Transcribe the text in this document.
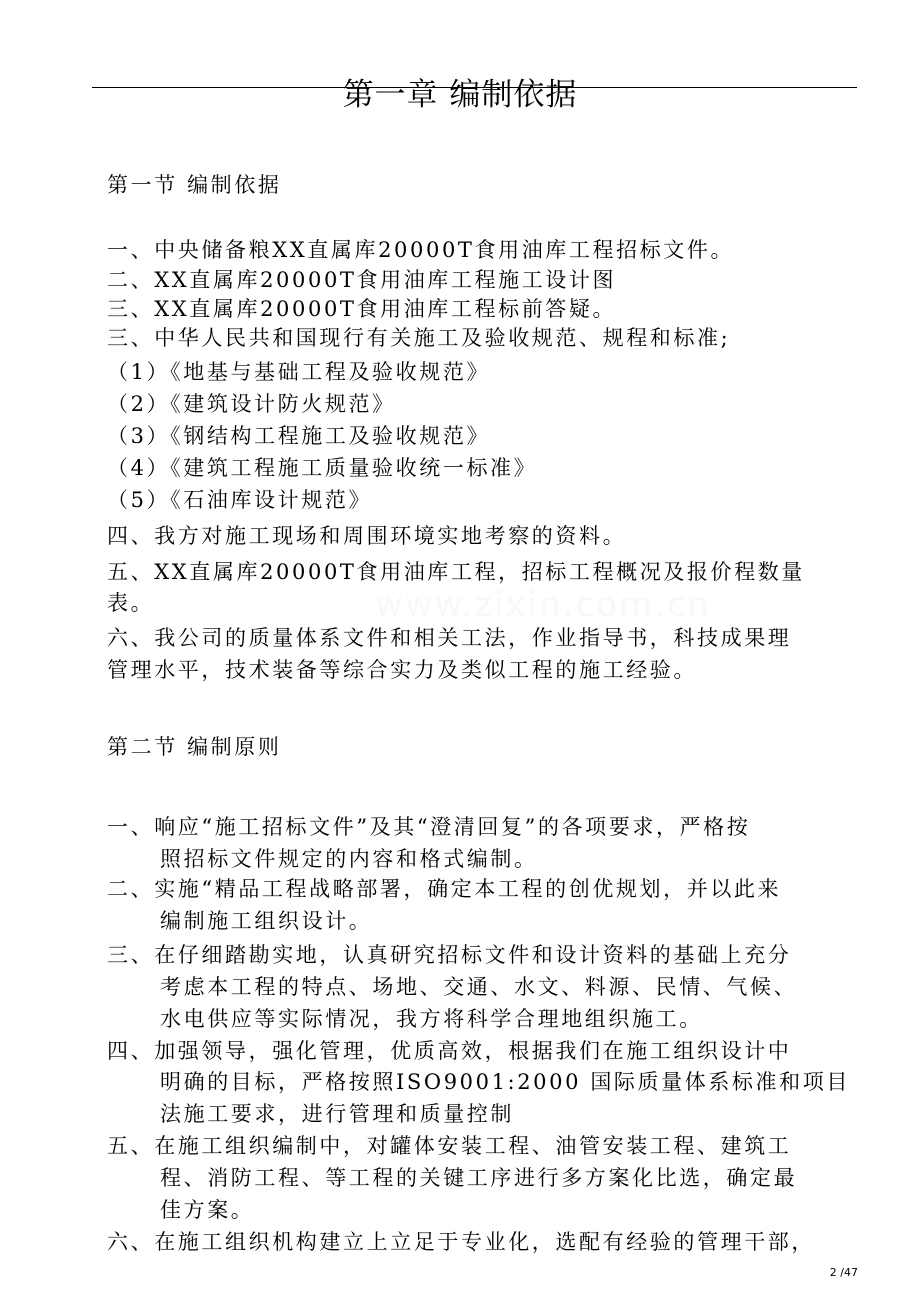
第一章 编制依据
www.zixin.com.cn
第一节 编制依据
一、中央储备粮XX直属库20000T食用油库工程招标文件。
二、XX直属库20000T食用油库工程施工设计图
三、XX直属库20000T食用油库工程标前答疑。
三、中华人民共和国现行有关施工及验收规范、规程和标准;
（1）《地基与基础工程及验收规范》
（2）《建筑设计防火规范》
（3）《钢结构工程施工及验收规范》
（4）《建筑工程施工质量验收统一标准》
（5）《石油库设计规范》
四、我方对施工现场和周围环境实地考察的资料。
五、XX直属库20000T食用油库工程，招标工程概况及报价程数量
表。
六、我公司的质量体系文件和相关工法，作业指导书，科技成果理
管理水平，技术装备等综合实力及类似工程的施工经验。
第二节 编制原则
一、响应“施工招标文件”及其“澄清回复”的各项要求，严格按
照招标文件规定的内容和格式编制。
二、实施“精品工程战略部署，确定本工程的创优规划，并以此来
编制施工组织设计。
三、在仔细踏勘实地，认真研究招标文件和设计资料的基础上充分
考虑本工程的特点、场地、交通、水文、料源、民情、气候、
水电供应等实际情况，我方将科学合理地组织施工。
四、加强领导，强化管理，优质高效，根据我们在施工组织设计中
明确的目标，严格按照ISO9001:2000 国际质量体系标准和项目
法施工要求，进行管理和质量控制
五、在施工组织编制中，对罐体安装工程、油管安装工程、建筑工
程、消防工程、等工程的关键工序进行多方案化比选，确定最
佳方案。
六、在施工组织机构建立上立足于专业化，选配有经验的管理干部，
2 /47
